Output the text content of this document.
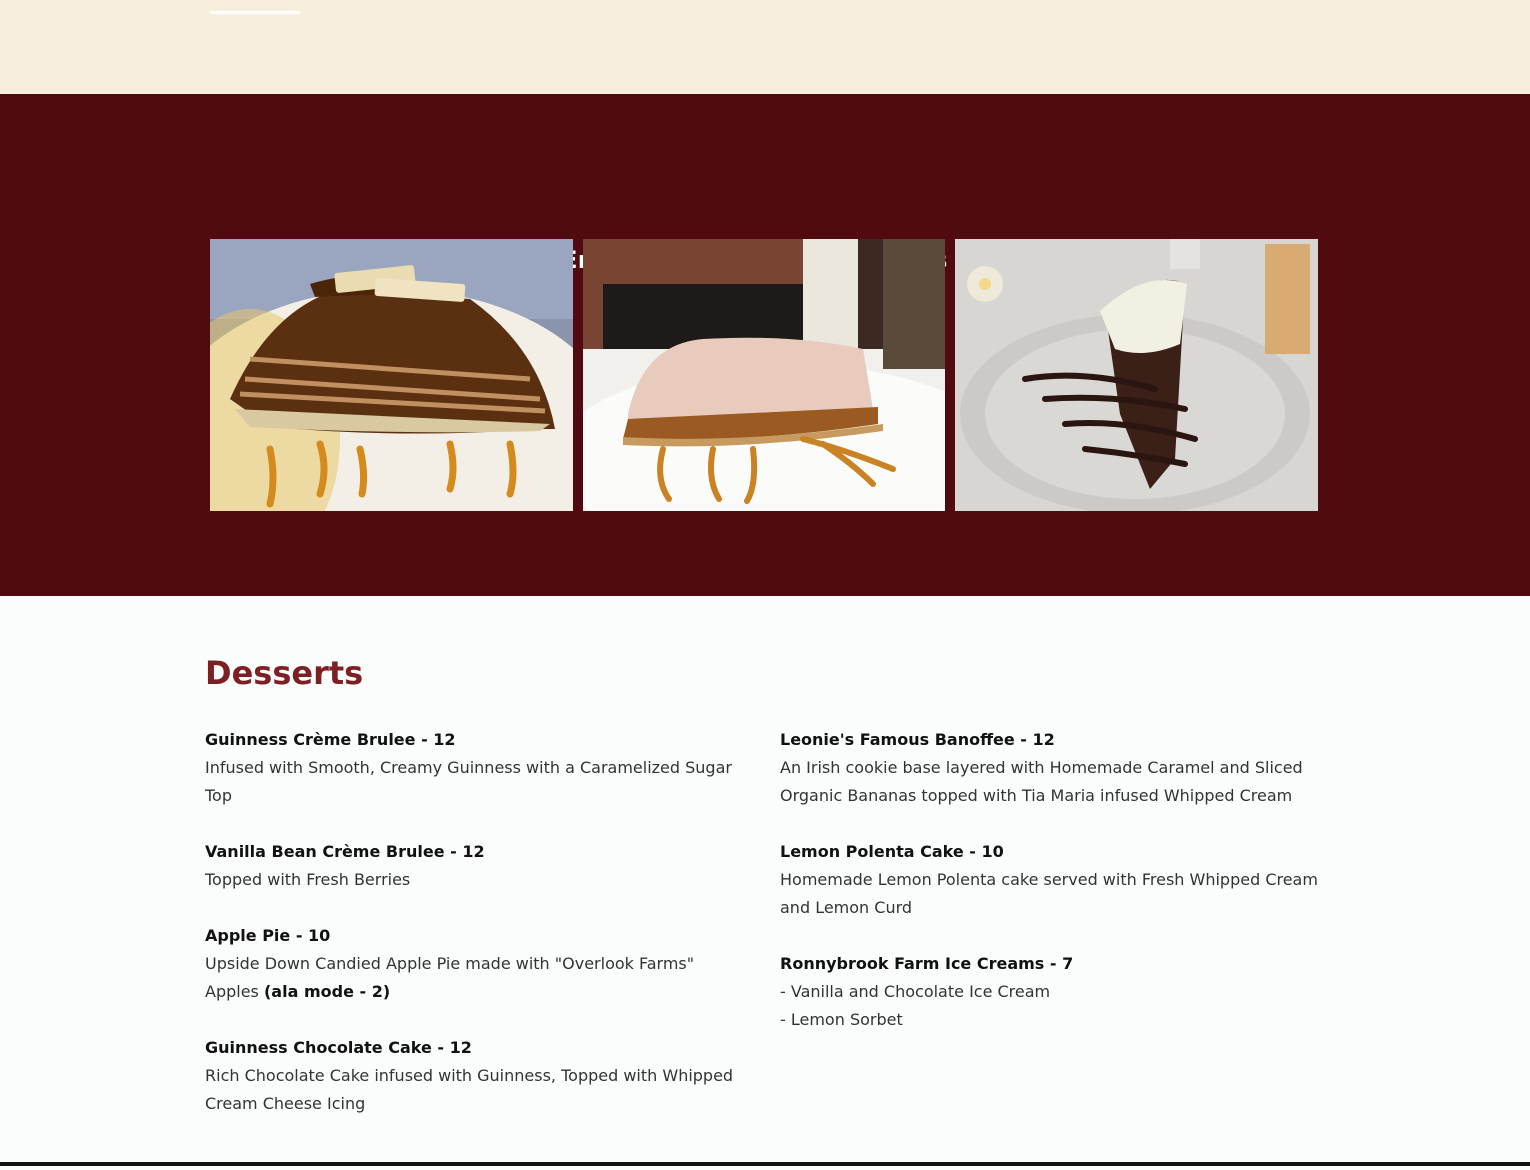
Desserts
Guinness Crème Brulee - 12
Infused with Smooth, Creamy Guinness with a Caramelized Sugar Top
Vanilla Bean Crème Brulee - 12
Topped with Fresh Berries
Apple Pie - 10
Upside Down Candied Apple Pie made with "Overlook Farms" Apples (ala mode - 2)
Guinness Chocolate Cake - 12
Rich Chocolate Cake infused with Guinness, Topped with Whipped Cream Cheese Icing
Leonie's Famous Banoffee - 12
An Irish cookie base layered with Homemade Caramel and Sliced Organic Bananas topped with Tia Maria infused Whipped Cream
Lemon Polenta Cake - 10
Homemade Lemon Polenta cake served with Fresh Whipped Cream and Lemon Curd
Ronnybrook Farm Ice Creams - 7
- Vanilla and Chocolate Ice Cream
- Lemon Sorbet
